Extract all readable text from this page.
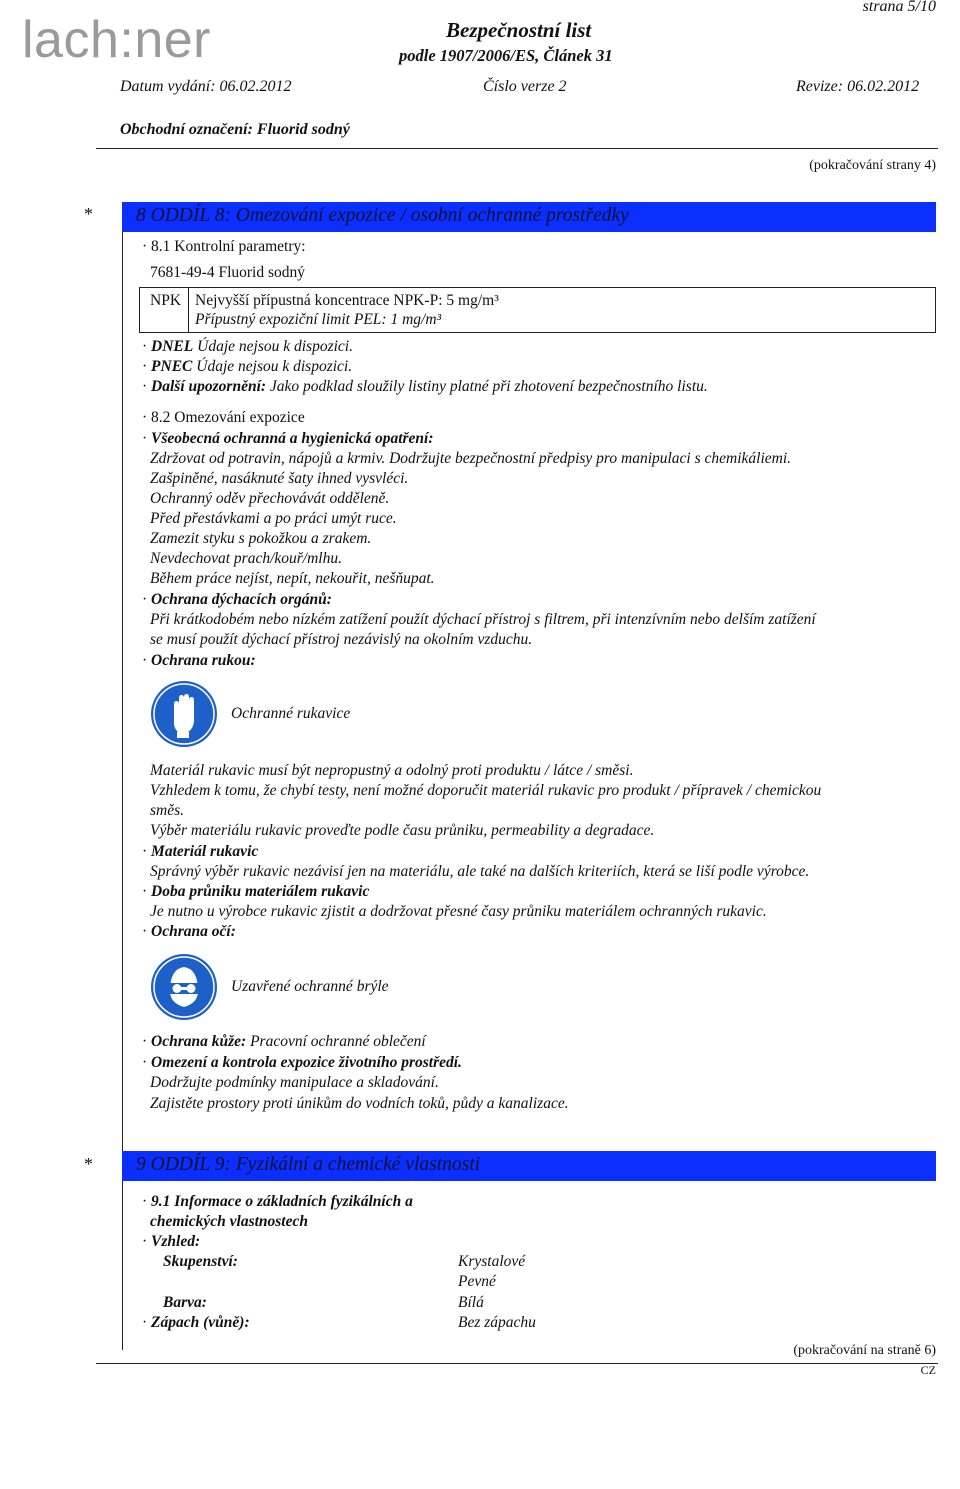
lach:ner
strana 5/10
Bezpečnostní list
podle 1907/2006/ES, Článek 31
Datum vydání: 06.02.2012	Číslo verze 2	Revize: 06.02.2012
Obchodní označení: Fluorid sodný
(pokračování strany 4)
* 8 ODDÍL 8: Omezování expozice / osobní ochranné prostředky
· 8.1 Kontrolní parametry:
7681-49-4 Fluorid sodný
NPK Nejvyšší přípustná koncentrace NPK-P: 5 mg/m³
Přípustný expoziční limit PEL: 1 mg/m³
· DNEL Údaje nejsou k dispozici.
· PNEC Údaje nejsou k dispozici.
· Další upozornění: Jako podklad sloužily listiny platné při zhotovení bezpečnostního listu.
· 8.2 Omezování expozice
· Všeobecná ochranná a hygienická opatření:
Zdržovat od potravin, nápojů a krmiv. Dodržujte bezpečnostní předpisy pro manipulaci s chemikáliemi.
Zašpiněné, nasáknuté šaty ihned vysvléci.
Ochranný oděv přechovávát odděleně.
Před přestávkami a po práci umýt ruce.
Zamezit styku s pokožkou a zrakem.
Nevdechovat prach/kouř/mlhu.
Během práce nejíst, nepít, nekouřit, nešňupat.
· Ochrana dýchacích orgánů:
Při krátkodobém nebo nízkém zatížení použít dýchací přístroj s filtrem, při intenzívním nebo delším zatížení
se musí použít dýchací přístroj nezávislý na okolním vzduchu.
· Ochrana rukou:
Ochranné rukavice
Materiál rukavic musí být nepropustný a odolný proti produktu / látce / směsi.
Vzhledem k tomu, že chybí testy, není možné doporučit materiál rukavic pro produkt / přípravek / chemickou
směs.
Výběr materiálu rukavic proveďte podle času průniku, permeability a degradace.
· Materiál rukavic
Správný výběr rukavic nezávisí jen na materiálu, ale také na dalších kriteriích, která se liší podle výrobce.
· Doba průniku materiálem rukavic
Je nutno u výrobce rukavic zjistit a dodržovat přesné časy průniku materiálem ochranných rukavic.
· Ochrana očí:
Uzavřené ochranné brýle
· Ochrana kůže: Pracovní ochranné oblečení
· Omezení a kontrola expozice životního prostředí.
Dodržujte podmínky manipulace a skladování.
Zajistěte prostory proti únikům do vodních toků, půdy a kanalizace.
* 9 ODDÍL 9: Fyzikální a chemické vlastnosti
· 9.1 Informace o základních fyzikálních a
chemických vlastnostech
· Vzhled:
Skupenství:	Krystalové
Pevné
Barva:	Bílá
· Zápach (vůně):	Bez zápachu
(pokračování na straně 6)
CZ
